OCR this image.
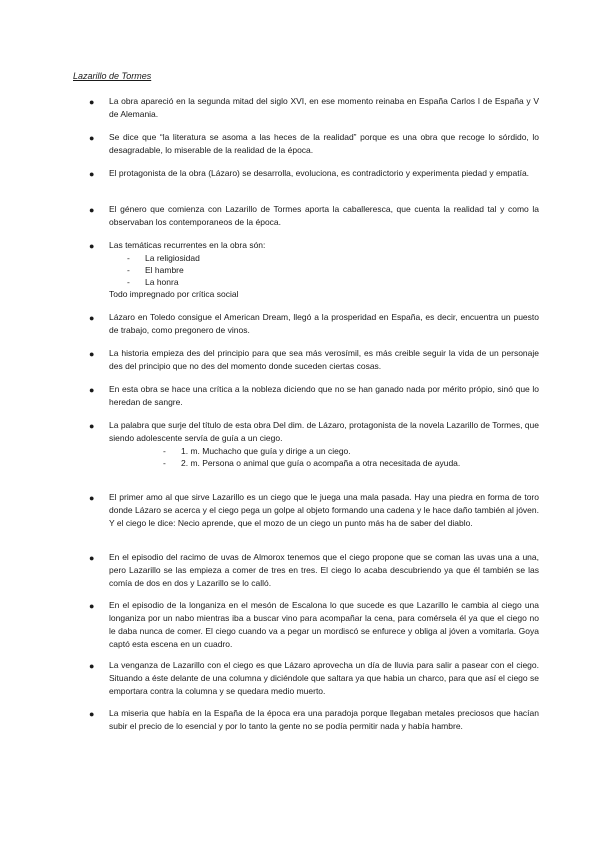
Lazarillo de Tormes
● La obra apareció en la segunda mitad del siglo XVI, en ese momento reinaba en España Carlos I de España y V de Alemania.
● Se dice que “la literatura se asoma a las heces de la realidad” porque es una obra que recoge lo sórdido, lo desagradable, lo miserable de la realidad de la época.
● El protagonista de la obra (Lázaro) se desarrolla, evoluciona, es contradictorio y experimenta piedad y empatía.
● El género que comienza con Lazarillo de Tormes aporta la caballeresca, que cuenta la realidad tal y como la observaban los contemporaneos de la época.
● Las temáticas recurrentes en la obra són:
- La religiosidad
- El hambre
- La honra
Todo impregnado por crítica social
● Lázaro en Toledo consigue el American Dream, llegó a la prosperidad en España, es decir, encuentra un puesto de trabajo, como pregonero de vinos.
● La historia empieza des del principio para que sea más verosímil, es más creible seguir la vida de un personaje des del principio que no des del momento donde suceden ciertas cosas.
● En esta obra se hace una crítica a la nobleza diciendo que no se han ganado nada por mérito própio, sinó que lo heredan de sangre.
● La palabra que surje del título de esta obra Del dim. de Lázaro, protagonista de la novela Lazarillo de Tormes, que siendo adolescente servía de guía a un ciego.
- 1. m. Muchacho que guía y dirige a un ciego.
- 2. m. Persona o animal que guía o acompaña a otra necesitada de ayuda.
● El primer amo al que sirve Lazarillo es un ciego que le juega una mala pasada. Hay una piedra en forma de toro donde Lázaro se acerca y el ciego pega un golpe al objeto formando una cadena y le hace daño también al jóven. Y el ciego le dice: Necio aprende, que el mozo de un ciego un punto más ha de saber del diablo.
● En el episodio del racimo de uvas de Almorox tenemos que el ciego propone que se coman las uvas una a una, pero Lazarillo se las empieza a comer de tres en tres. El ciego lo acaba descubriendo ya que él también se las comía de dos en dos y Lazarillo se lo calló.
● En el episodio de la longaniza en el mesón de Escalona lo que sucede es que Lazarillo le cambia al ciego una longaniza por un nabo mientras iba a buscar vino para acompañar la cena, para comérsela él ya que el ciego no le daba nunca de comer. El ciego cuando va a pegar un mordiscó se enfurece y obliga al jóven a vomitarla. Goya captó esta escena en un cuadro.
● La venganza de Lazarillo con el ciego es que Lázaro aprovecha un día de lluvia para salir a pasear con el ciego. Situando a éste delante de una columna y diciéndole que saltara ya que habia un charco, para que así el ciego se emportara contra la columna y se quedara medio muerto.
● La miseria que había en la España de la época era una paradoja porque llegaban metales preciosos que hacían subir el precio de lo esencial y por lo tanto la gente no se podía permitir nada y había hambre.
